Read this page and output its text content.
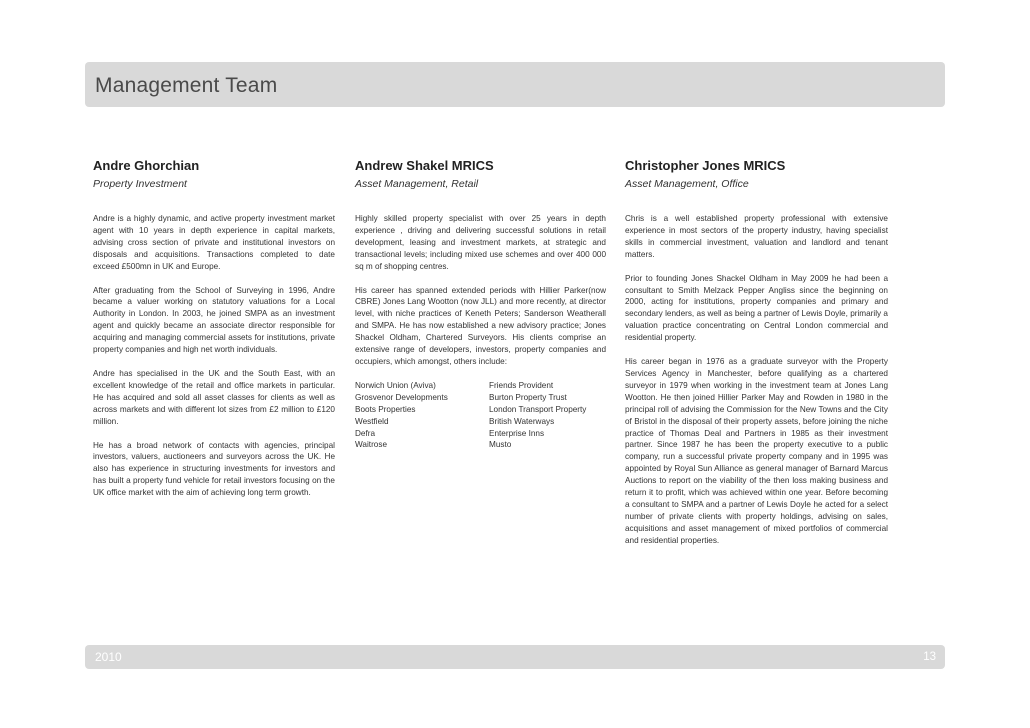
Management Team
Andre Ghorchian
Property Investment

Andre is a highly dynamic, and active property investment market agent with 10 years in depth experience in capital markets, advising cross section of private and institutional investors on disposals and acquisitions. Transactions completed to date exceed £500mn in UK and Europe.

After graduating from the School of Surveying in 1996, Andre became a valuer working on statutory valuations for a Local Authority in London. In 2003, he joined SMPA as an investment agent and quickly became an associate director responsible for acquiring and managing commercial assets for institutions, private property companies and high net worth individuals.

Andre has specialised in the UK and the South East, with an excellent knowledge of the retail and office markets in particular. He has acquired and sold all asset classes for clients as well as across markets and with different lot sizes from £2 million to £120 million.

He has a broad network of contacts with agencies, principal investors, valuers, auctioneers and surveyors across the UK. He also has experience in structuring investments for investors and has built a property fund vehicle for retail investors focusing on the UK office market with the aim of achieving long term growth.

Andrew Shakel MRICS
Asset Management, Retail

Highly skilled property specialist with over 25 years in depth experience , driving and delivering successful solutions in retail development, leasing and investment markets, at strategic and transactional levels; including mixed use schemes and over 400 000 sq m of shopping centres.

His career has spanned extended periods with Hillier Parker(now CBRE) Jones Lang Wootton (now JLL) and more recently, at director level, with niche practices of Keneth Peters; Sanderson Weatherall and SMPA. He has now established a new advisory practice; Jones Shackel Oldham, Chartered Surveyors. His clients comprise an extensive range of developers, investors, property companies and occupiers, which amongst, others include:

Norwich Union (Aviva)	Friends Provident
Grosvenor Developments	Burton Property Trust
Boots Properties	London Transport Property
Westfield	British Waterways
Defra	Enterprise Inns
Waitrose	Musto
Christopher Jones MRICS
Asset Management, Office

Chris is a well established property professional with extensive experience in most sectors of the property industry, having specialist skills in commercial investment, valuation and landlord and tenant matters.

Prior to founding Jones Shackel Oldham in May 2009 he had been a consultant to Smith Melzack Pepper Angliss since the beginning on 2000, acting for institutions, property companies and primary and secondary lenders, as well as being a partner of Lewis Doyle, primarily a valuation practice concentrating on Central London commercial and residential property.

His career began in 1976 as a graduate surveyor with the Property Services Agency in Manchester, before qualifying as a chartered surveyor in 1979 when working in the investment team at Jones Lang Wootton. He then joined Hillier Parker May and Rowden in 1980 in the principal roll of advising the Commission for the New Towns and the City of Bristol in the disposal of their property assets, before joining the niche practice of Thomas Deal and Partners in 1985 as their investment partner. Since 1987 he has been the property executive to a public company, run a successful private property company and in 1995 was appointed by Royal Sun Alliance as general manager of Barnard Marcus Auctions to report on the viability of the then loss making business and return it to profit, which was achieved within one year. Before becoming a consultant to SMPA and a partner of Lewis Doyle he acted for a select number of private clients with property holdings, advising on sales, acquisitions and asset management of mixed portfolios of commercial and residential properties.

2010	13
